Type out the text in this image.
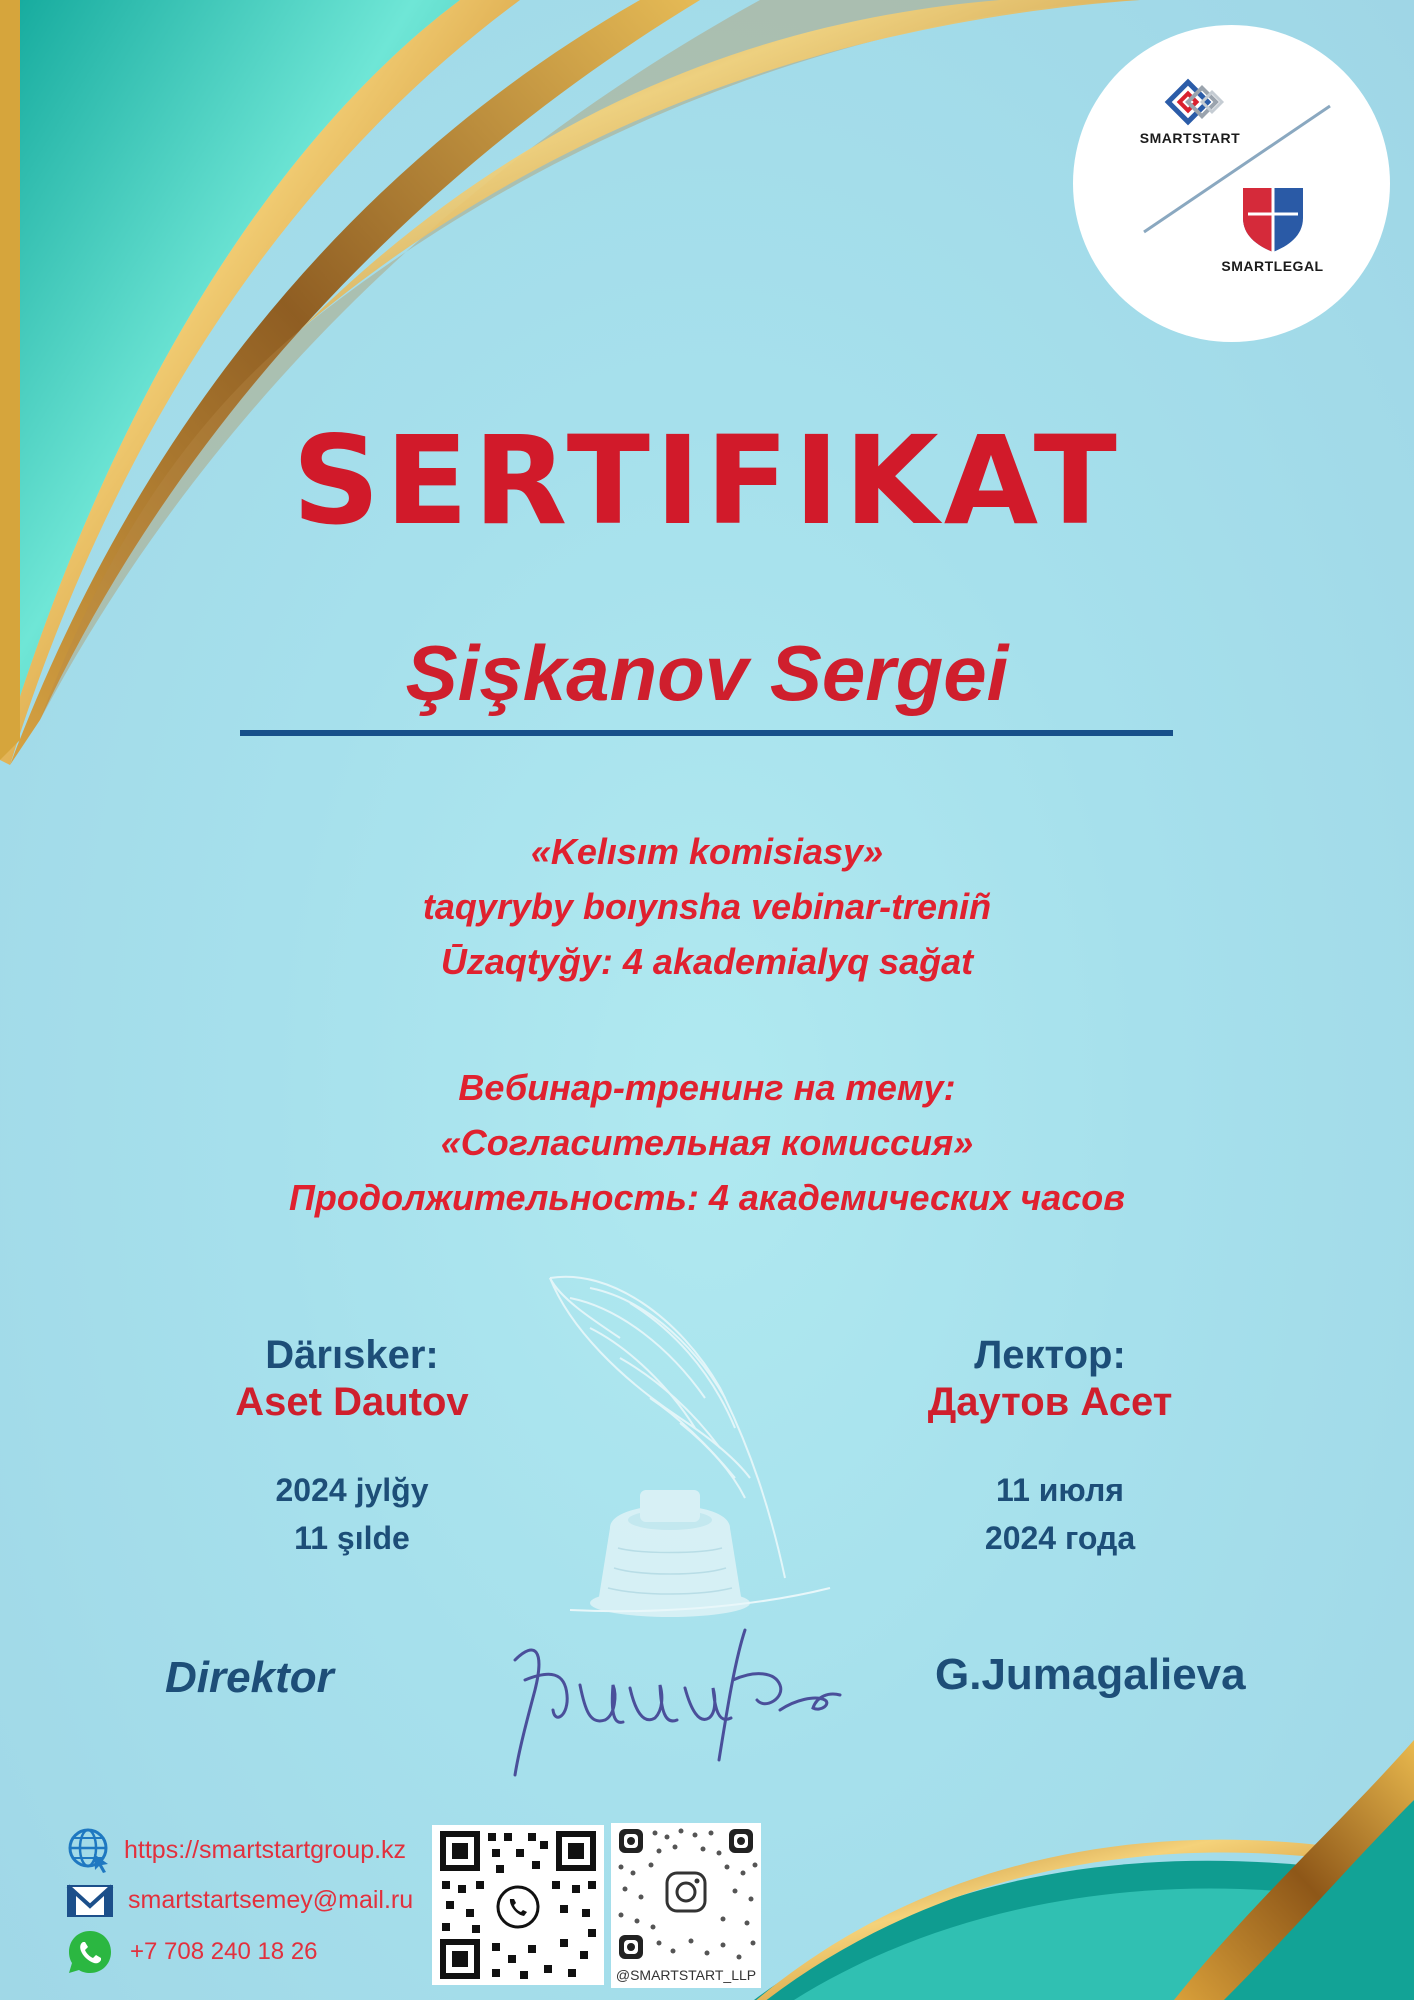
SMARTSTART
SMARTLEGAL
SERTIFIKAT
Şişkanov Sergei
«Kelısım komisiasy»
taqyryby boıynsha vebinar-treniñ
Ūzaqtyğy: 4 akademialyq sağat
Вебинар-тренинг на тему:
«Согласительная комиссия»
Продолжительность: 4 академических часов
Därısker:
Aset Dautov
2024 jylğy
11 şılde
Лектор:
Даутов Асет
11 июля
2024 года
Direktor	G.Jumagalieva
https://smartstartgroup.kz
smartstartsemey@mail.ru
+7 708 240 18 26
@SMARTSTART_LLP
